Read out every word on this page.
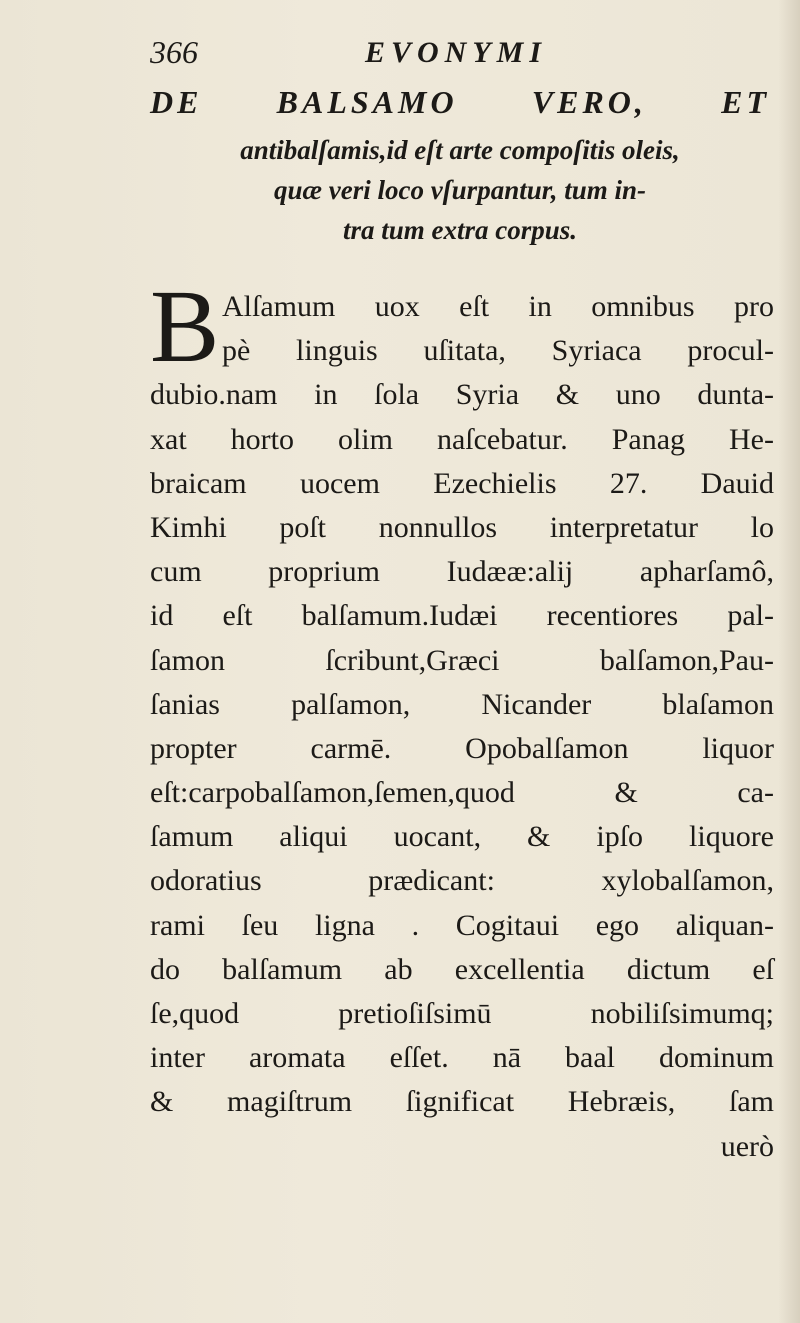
366	EVONYMI
DE BALSAMO VERO, ET
antibalſamis,id eſt arte compoſitis oleis,
quæ veri loco vſurpantur, tum in-
tra tum extra corpus.
B Alſamum uox eſt in omnibus pro
pè linguis uſitata, Syriaca procul-
dubio.nam in ſola Syria & uno dunta-
xat horto olim naſcebatur. Panag He-
braicam uocem Ezechielis 27. Dauid
Kimhi poſt nonnullos interpretatur lo
cum proprium Iudææ:alij apharſamô,
id eſt balſamum.Iudæi recentiores pal-
ſamon ſcribunt,Græci balſamon,Pau-
ſanias palſamon, Nicander blaſamon
propter carmē. Opobalſamon liquor
eſt:carpobalſamon,ſemen,quod & ca-
ſamum aliqui uocant, & ipſo liquore
odoratius prædicant: xylobalſamon,
rami ſeu ligna . Cogitaui ego aliquan-
do balſamum ab excellentia dictum eſ
ſe,quod pretioſiſsimū nobiliſsimumq;
inter aromata eſſet. nā baal dominum
& magiſtrum ſignificat Hebræis, ſam
uerò
